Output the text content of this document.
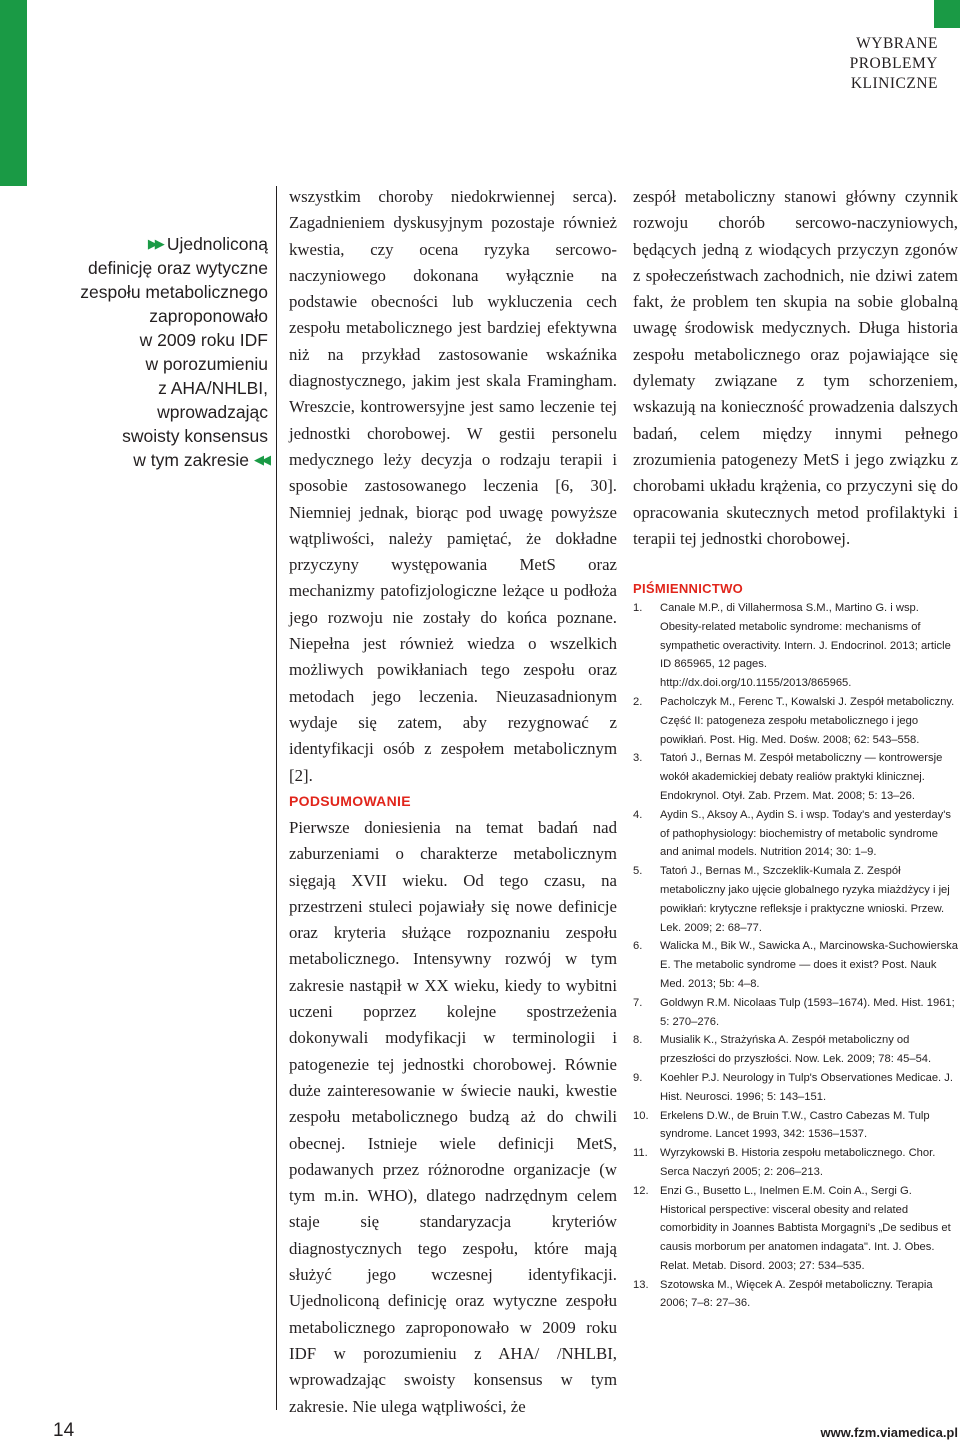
WYBRANE
PROBLEMY
KLINICZNE
▶▶ Ujednoliconą
definicję oraz wytyczne
zespołu metabolicznego
zaproponowało
w 2009 roku IDF
w porozumieniu
z AHA/NHLBI,
wprowadzając
swoisty konsensus
w tym zakresie ◀◀

wszystkim choroby niedokrwiennej serca). Zagadnieniem dyskusyjnym pozostaje również kwestia, czy ocena ryzyka sercowo-naczyniowego dokonana wyłącznie na podstawie obecności lub wykluczenia cech zespołu metabolicznego jest bardziej efektywna niż na przykład zastosowanie wskaźnika diagnostycznego, jakim jest skala Framingham. Wreszcie, kontrowersyjne jest samo leczenie tej jednostki chorobowej. W gestii personelu medycznego leży decyzja o rodzaju terapii i sposobie zastosowanego leczenia [6, 30]. Niemniej jednak, biorąc pod uwagę powyższe wątpliwości, należy pamiętać, że dokładne przyczyny występowania MetS oraz mechanizmy patofizjologiczne leżące u podłoża jego rozwoju nie zostały do końca poznane. Niepełna jest również wiedza o wszelkich możliwych powikłaniach tego zespołu oraz metodach jego leczenia. Nieuzasadnionym wydaje się zatem, aby rezygnować z identyfikacji osób z zespołem metabolicznym [2].

PODSUMOWANIE

Pierwsze doniesienia na temat badań nad zaburzeniami o charakterze metabolicznym sięgają XVII wieku. Od tego czasu, na przestrzeni stuleci pojawiały się nowe definicje oraz kryteria służące rozpoznaniu zespołu metabolicznego. Intensywny rozwój w tym zakresie nastąpił w XX wieku, kiedy to wybitni uczeni poprzez kolejne spostrzeżenia dokonywali modyfikacji w terminologii i patogenezie tej jednostki chorobowej. Równie duże zainteresowanie w świecie nauki, kwestie zespołu metabolicznego budzą aż do chwili obecnej. Istnieje wiele definicji MetS, podawanych przez różnorodne organizacje (w tym m.in. WHO), dlatego nadrzędnym celem staje się standaryzacja kryteriów diagnostycznych tego zespołu, które mają służyć jego wczesnej identyfikacji. Ujednoliconą definicję oraz wytyczne zespołu metabolicznego zaproponowało w 2009 roku IDF w porozumieniu z AHA/ /NHLBI, wprowadzając swoisty konsensus w tym zakresie. Nie ulega wątpliwości, że

zespół metaboliczny stanowi główny czynnik rozwoju chorób sercowo-naczyniowych, będących jedną z wiodących przyczyn zgonów z społeczeństwach zachodnich, nie dziwi zatem fakt, że problem ten skupia na sobie globalną uwagę środowisk medycznych. Długa historia zespołu metabolicznego oraz pojawiające się dylematy związane z tym schorzeniem, wskazują na konieczność prowadzenia dalszych badań, celem między innymi pełnego zrozumienia patogenezy MetS i jego związku z chorobami układu krążenia, co przyczyni się do opracowania skutecznych metod profilaktyki i terapii tej jednostki chorobowej.

PIŚMIENNICTWO
1.	Canale M.P., di Villahermosa S.M., Martino G. i wsp. Obesity-related metabolic syndrome: mechanisms of sympathetic overactivity. Intern. J. Endocrinol. 2013; article ID 865965, 12 pages. http://dx.doi.org/10.1155/2013/865965.
2.	Pacholczyk M., Ferenc T., Kowalski J. Zespół metaboliczny. Część II: patogeneza zespołu metabolicznego i jego powikłań. Post. Hig. Med. Dośw. 2008; 62: 543–558.
3.	Tatoń J., Bernas M. Zespół metaboliczny — kontrowersje wokół akademickiej debaty realiów praktyki klinicznej. Endokrynol. Otył. Zab. Przem. Mat. 2008; 5: 13–26.
4.	Aydin S., Aksoy A., Aydin S. i wsp. Today's and yesterday's of pathophysiology: biochemistry of metabolic syndrome and animal models. Nutrition 2014; 30: 1–9.
5.	Tatoń J., Bernas M., Szczeklik-Kumala Z. Zespół metaboliczny jako ujęcie globalnego ryzyka miażdżycy i jej powikłań: krytyczne refleksje i praktyczne wnioski. Przew. Lek. 2009; 2: 68–77.
6.	Walicka M., Bik W., Sawicka A., Marcinowska-Suchowierska E. The metabolic syndrome — does it exist? Post. Nauk Med. 2013; 5b: 4–8.
7.	Goldwyn R.M. Nicolaas Tulp (1593–1674). Med. Hist. 1961; 5: 270–276.
8.	Musialik K., Strażyńska A. Zespół metaboliczny od przeszłości do przyszłości. Now. Lek. 2009; 78: 45–54.
9.	Koehler P.J. Neurology in Tulp's Observationes Medicae. J. Hist. Neurosci. 1996; 5: 143–151.
10.	Erkelens D.W., de Bruin T.W., Castro Cabezas M. Tulp syndrome. Lancet 1993, 342: 1536–1537.
11.	Wyrzykowski B. Historia zespołu metabolicznego. Chor. Serca Naczyń 2005; 2: 206–213.
12.	Enzi G., Busetto L., Inelmen E.M. Coin A., Sergi G. Historical perspective: visceral obesity and related comorbidity in Joannes Babtista Morgagni's „De sedibus et causis morborum per anatomen indagata". Int. J. Obes. Relat. Metab. Disord. 2003; 27: 534–535.
13.	Szotowska M., Więcek A. Zespół metaboliczny. Terapia 2006; 7–8: 27–36.
14	www.fzm.viamedica.pl
